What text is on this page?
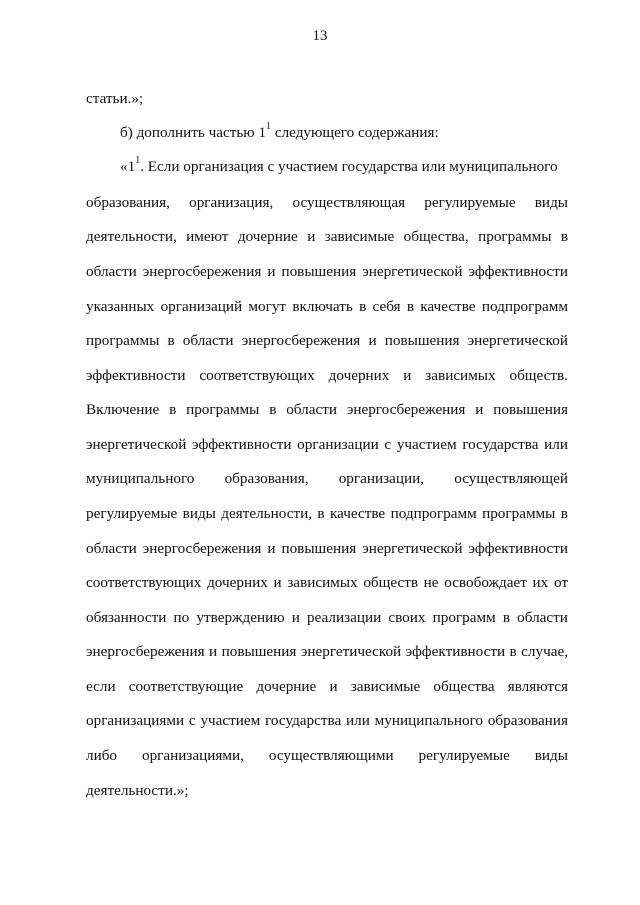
13
статьи.»;
б) дополнить частью $1^1$ следующего содержания:
«$1^1$. Если организация с участием государства или муниципального
образования, организация, осуществляющая регулируемые виды
деятельности, имеют дочерние и зависимые общества, программы в
области энергосбережения и повышения энергетической эффективности
указанных организаций могут включать в себя в качестве подпрограмм
программы в области энергосбережения и повышения энергетической
эффективности соответствующих дочерних и зависимых обществ.
Включение в программы в области энергосбережения и повышения
энергетической эффективности организации с участием государства или
муниципального образования, организации, осуществляющей
регулируемые виды деятельности, в качестве подпрограмм программы в
области энергосбережения и повышения энергетической эффективности
соответствующих дочерних и зависимых обществ не освобождает их от
обязанности по утверждению и реализации своих программ в области
энергосбережения и повышения энергетической эффективности в случае,
если соответствующие дочерние и зависимые общества являются
организациями с участием государства или муниципального образования
либо организациями, осуществляющими регулируемые виды
деятельности.»;
